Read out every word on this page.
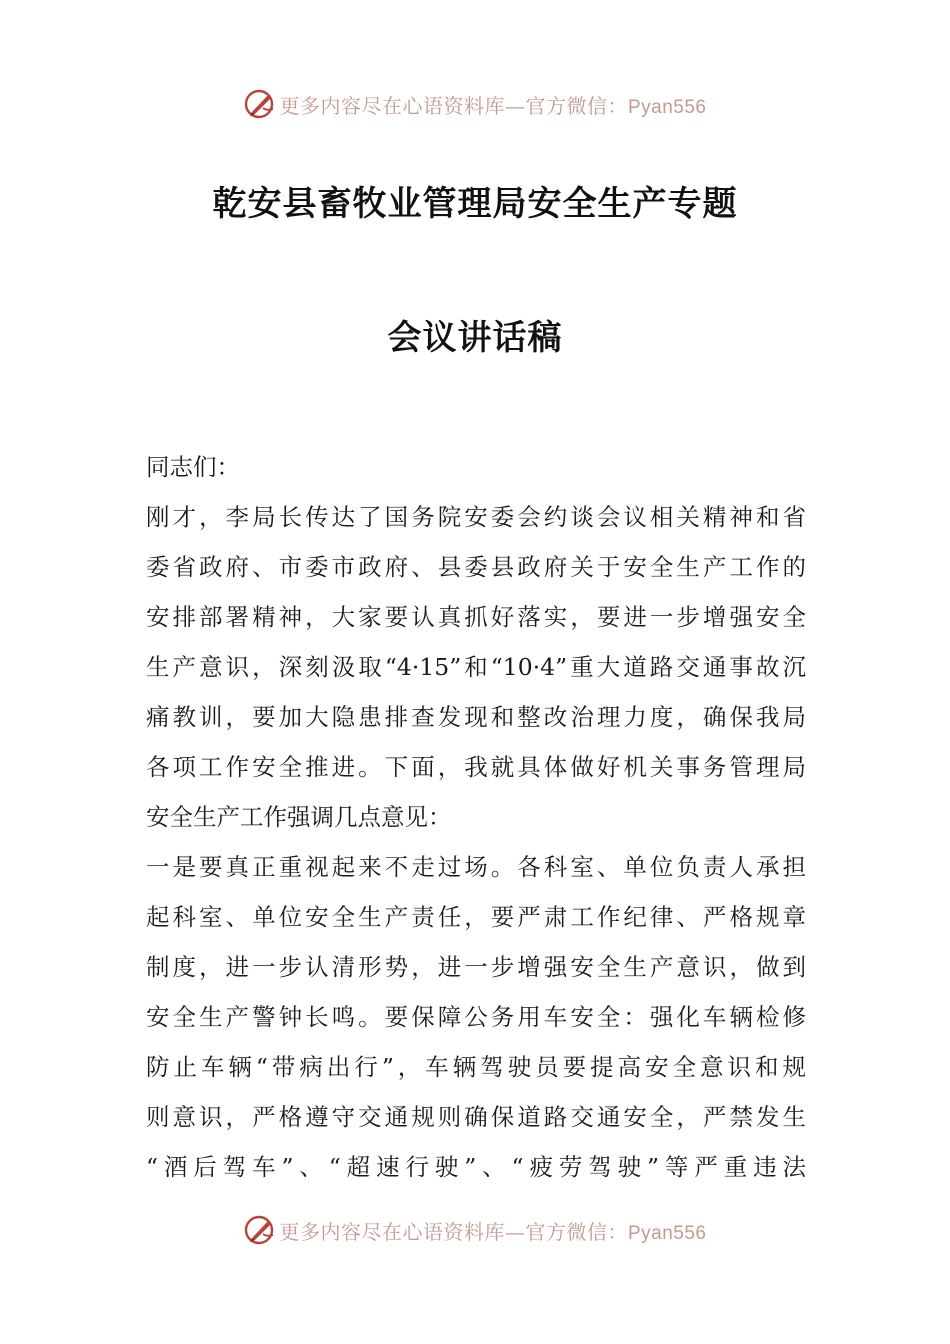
更多内容尽在心语资料库—官方微信：Pyan556
乾安县畜牧业管理局安全生产专题
会议讲话稿
同志们：
刚才，李局长传达了国务院安委会约谈会议相关精神和省
委省政府、市委市政府、县委县政府关于安全生产工作的
安排部署精神，大家要认真抓好落实，要进一步增强安全
生产意识，深刻汲取“4·15”和“10·4”重大道路交通事故沉
痛教训，要加大隐患排查发现和整改治理力度，确保我局
各项工作安全推进。下面，我就具体做好机关事务管理局
安全生产工作强调几点意见：
一是要真正重视起来不走过场。各科室、单位负责人承担
起科室、单位安全生产责任，要严肃工作纪律、严格规章
制度，进一步认清形势，进一步增强安全生产意识，做到
安全生产警钟长鸣。要保障公务用车安全：强化车辆检修
防止车辆“带病出行”，车辆驾驶员要提高安全意识和规
则意识，严格遵守交通规则确保道路交通安全，严禁发生
“酒后驾车”、“超速行驶”、“疲劳驾驶”等严重违法
更多内容尽在心语资料库—官方微信：Pyan556
